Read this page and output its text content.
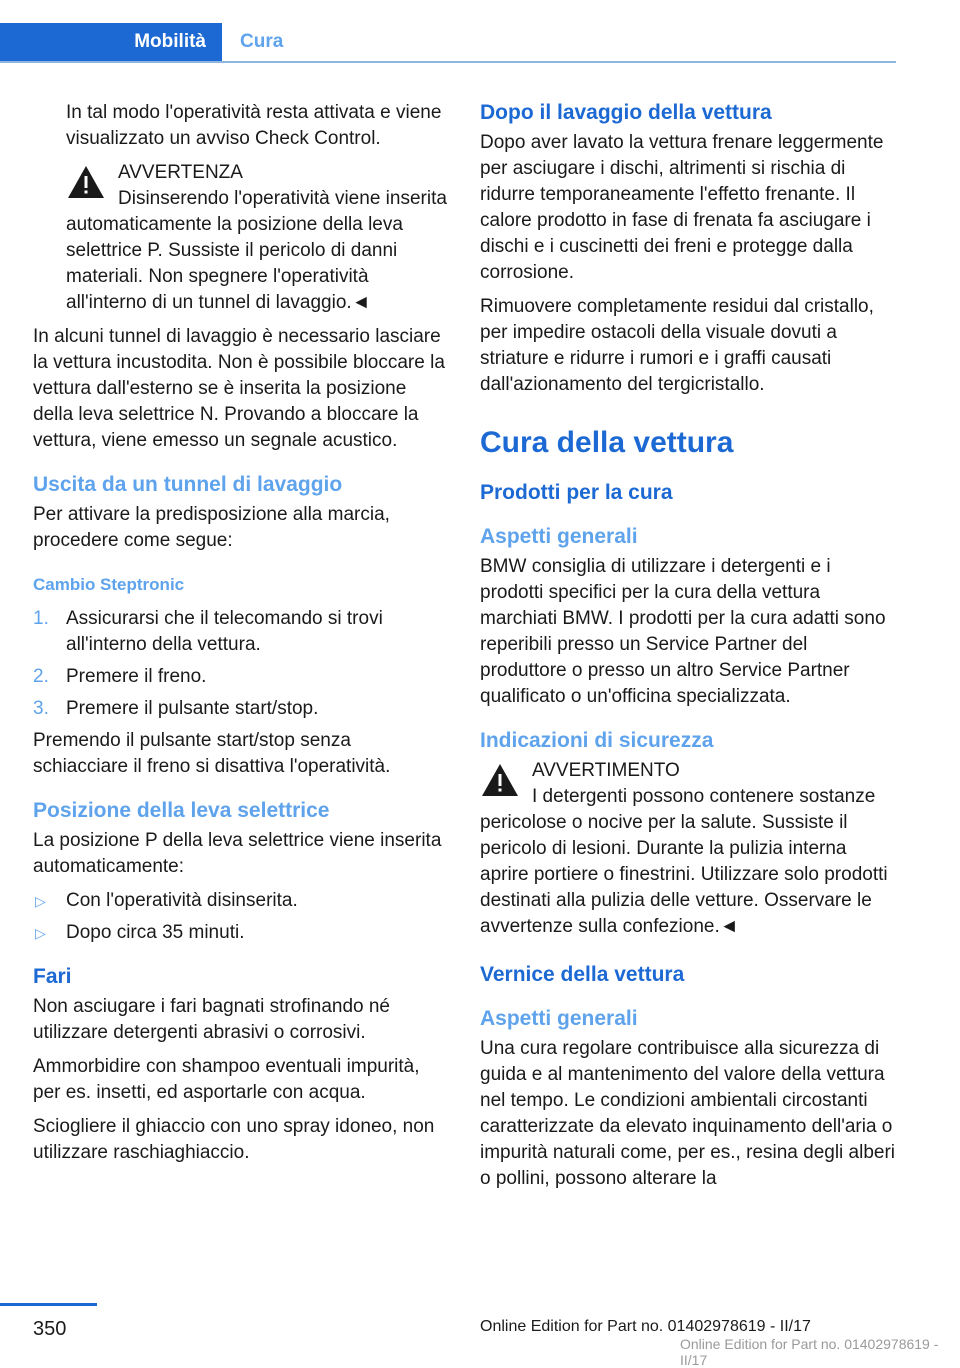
Mobilità Cura

In tal modo l'operatività resta attivata e viene visualizzato un avviso Check Control.

AVVERTENZA
Disinserendo l'operatività viene inserita automaticamente la posizione della leva selettrice P. Sussiste il pericolo di danni materiali. Non spegnere l'operatività all'interno di un tunnel di lavaggio.◄

In alcuni tunnel di lavaggio è necessario lasciare la vettura incustodita. Non è possibile bloccare la vettura dall'esterno se è inserita la posizione della leva selettrice N. Provando a bloccare la vettura, viene emesso un segnale acustico.

Uscita da un tunnel di lavaggio

Per attivare la predisposizione alla marcia, procedere come segue:

Cambio Steptronic
1. Assicurarsi che il telecomando si trovi all'interno della vettura.
2. Premere il freno.
3. Premere il pulsante start/stop.

Premendo il pulsante start/stop senza schiacciare il freno si disattiva l'operatività.

Posizione della leva selettrice

La posizione P della leva selettrice viene inserita automaticamente:

▷ Con l'operatività disinserita.
▷ Dopo circa 35 minuti.
Fari

Non asciugare i fari bagnati strofinando né utilizzare detergenti abrasivi o corrosivi.

Ammorbidire con shampoo eventuali impurità, per es. insetti, ed asportarle con acqua.

Sciogliere il ghiaccio con uno spray idoneo, non utilizzare raschiaghiaccio.

Dopo il lavaggio della vettura

Dopo aver lavato la vettura frenare leggermente per asciugare i dischi, altrimenti si rischia di ridurre temporaneamente l'effetto frenante. Il calore prodotto in fase di frenata fa asciugare i dischi e i cuscinetti dei freni e protegge dalla corrosione.

Rimuovere completamente residui dal cristallo, per impedire ostacoli della visuale dovuti a striature e ridurre i rumori e i graffi causati dall'azionamento del tergicristallo.

Cura della vettura
Prodotti per la cura
Aspetti generali

BMW consiglia di utilizzare i detergenti e i prodotti specifici per la cura della vettura marchiati BMW. I prodotti per la cura adatti sono reperibili presso un Service Partner del produttore o presso un altro Service Partner qualificato o un'officina specializzata.

Indicazioni di sicurezza
AVVERTIMENTO
I detergenti possono contenere sostanze pericolose o nocive per la salute. Sussiste il pericolo di lesioni. Durante la pulizia interna aprire portiere o finestrini. Utilizzare solo prodotti destinati alla pulizia delle vetture. Osservare le avvertenze sulla confezione.◄
Vernice della vettura
Aspetti generali

Una cura regolare contribuisce alla sicurezza di guida e al mantenimento del valore della vettura nel tempo. Le condizioni ambientali circostanti caratterizzate da elevato inquinamento dell'aria o impurità naturali come, per es., resina degli alberi o pollini, possono alterare la

350	Online Edition for Part no. 01402978619 - II/17
Online Edition for Part no. 01402978619 - II/17
